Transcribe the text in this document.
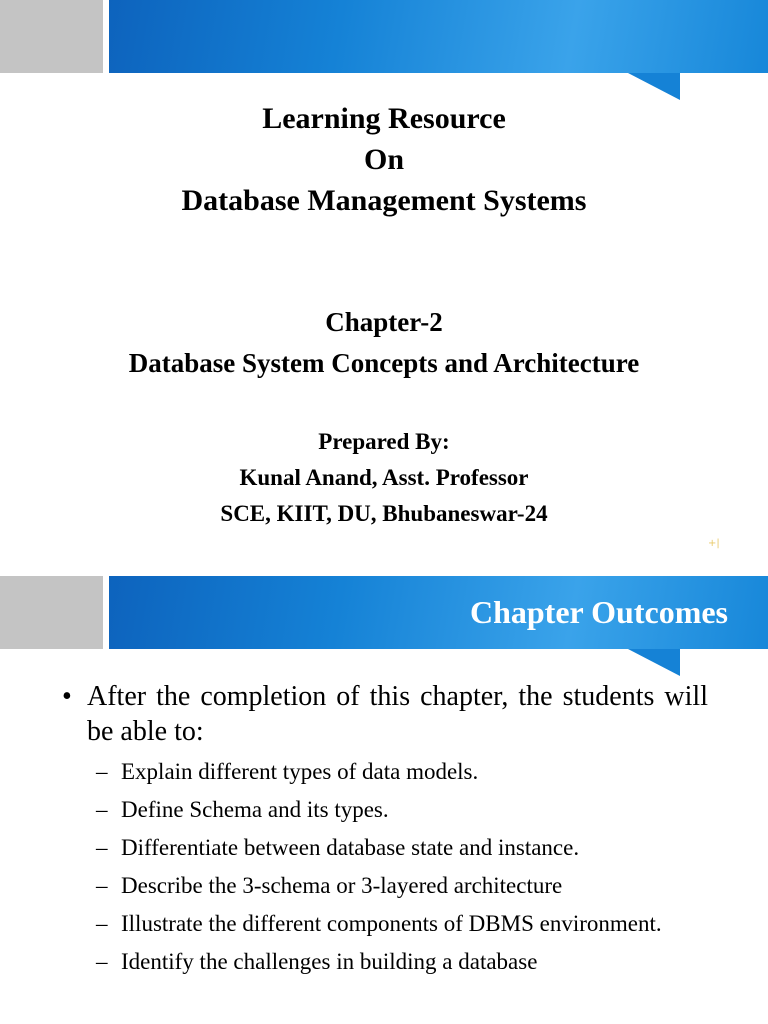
Learning Resource
On
Database Management Systems
Chapter-2
Database System Concepts and Architecture
Prepared By:
Kunal Anand, Asst. Professor
SCE, KIIT, DU, Bhubaneswar-24
+|
Chapter Outcomes
• After the completion of this chapter, the students will be able to:
– Explain different types of data models.
– Define Schema and its types.
– Differentiate between database state and instance.
– Describe the 3-schema or 3-layered architecture
– Illustrate the different components of DBMS environment.
– Identify the challenges in building a database
